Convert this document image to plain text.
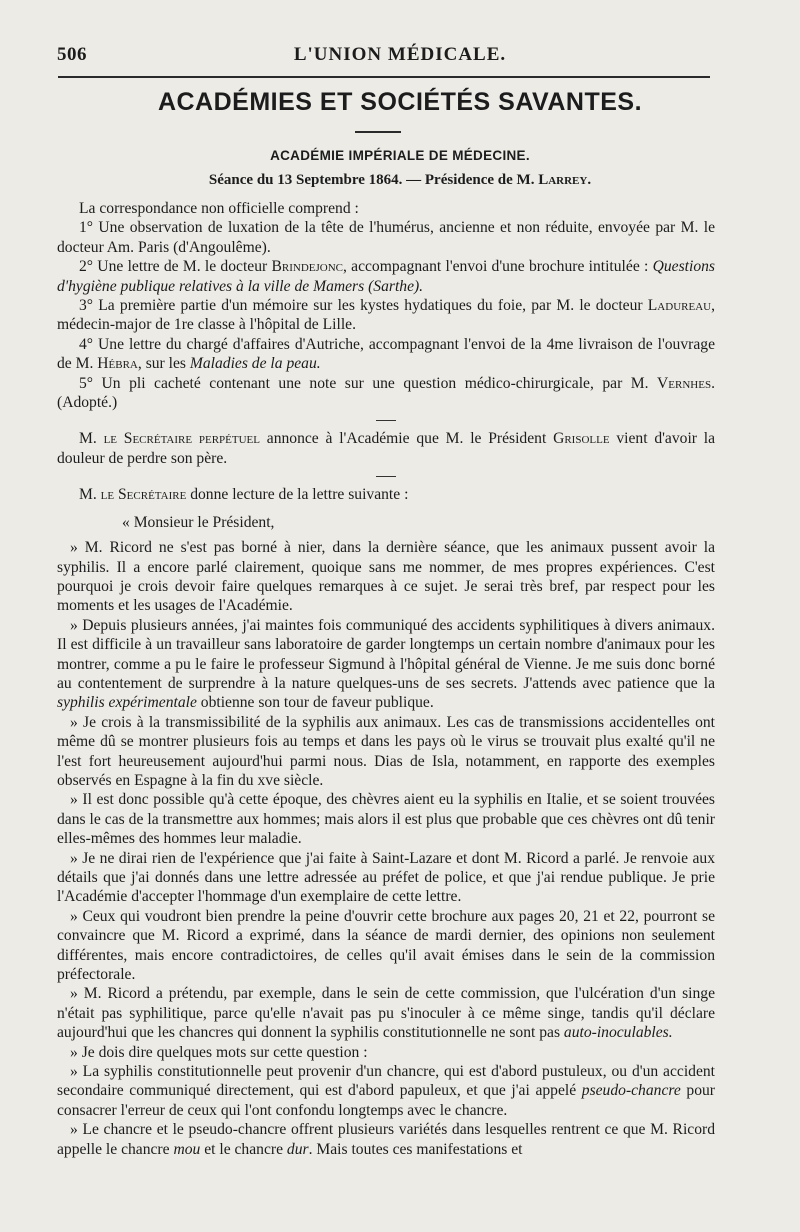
506	L'UNION MÉDICALE.
ACADÉMIES ET SOCIÉTÉS SAVANTES.
ACADÉMIE IMPÉRIALE DE MÉDECINE.
Séance du 13 Septembre 1864. — Présidence de M. Larrey.

La correspondance non officielle comprend :

1° Une observation de luxation de la tête de l'humérus, ancienne et non réduite, envoyée par M. le docteur Am. Paris (d'Angoulême).

2° Une lettre de M. le docteur Brindejonc, accompagnant l'envoi d'une brochure intitulée : Questions d'hygiène publique relatives à la ville de Mamers (Sarthe).

3° La première partie d'un mémoire sur les kystes hydatiques du foie, par M. le docteur Ladureau, médecin-major de 1re classe à l'hôpital de Lille.

4° Une lettre du chargé d'affaires d'Autriche, accompagnant l'envoi de la 4me livraison de l'ouvrage de M. Hébra, sur les Maladies de la peau.

5° Un pli cacheté contenant une note sur une question médico-chirurgicale, par M. Vernhes. (Adopté.)

M. le Secrétaire perpétuel annonce à l'Académie que M. le Président Grisolle vient d'avoir la douleur de perdre son père.

M. le Secrétaire donne lecture de la lettre suivante :

« Monsieur le Président,

» M. Ricord ne s'est pas borné à nier, dans la dernière séance, que les animaux pussent avoir la syphilis. Il a encore parlé clairement, quoique sans me nommer, de mes propres expériences. C'est pourquoi je crois devoir faire quelques remarques à ce sujet. Je serai très bref, par respect pour les moments et les usages de l'Académie.

» Depuis plusieurs années, j'ai maintes fois communiqué des accidents syphilitiques à divers animaux. Il est difficile à un travailleur sans laboratoire de garder longtemps un certain nombre d'animaux pour les montrer, comme a pu le faire le professeur Sigmund à l'hôpital général de Vienne. Je me suis donc borné au contentement de surprendre à la nature quelques-uns de ses secrets. J'attends avec patience que la syphilis expérimentale obtienne son tour de faveur publique.

» Je crois à la transmissibilité de la syphilis aux animaux. Les cas de transmissions accidentelles ont même dû se montrer plusieurs fois au temps et dans les pays où le virus se trouvait plus exalté qu'il ne l'est fort heureusement aujourd'hui parmi nous. Dias de Isla, notamment, en rapporte des exemples observés en Espagne à la fin du xve siècle.

» Il est donc possible qu'à cette époque, des chèvres aient eu la syphilis en Italie, et se soient trouvées dans le cas de la transmettre aux hommes; mais alors il est plus que probable que ces chèvres ont dû tenir elles-mêmes des hommes leur maladie.

» Je ne dirai rien de l'expérience que j'ai faite à Saint-Lazare et dont M. Ricord a parlé. Je renvoie aux détails que j'ai donnés dans une lettre adressée au préfet de police, et que j'ai rendue publique. Je prie l'Académie d'accepter l'hommage d'un exemplaire de cette lettre.

» Ceux qui voudront bien prendre la peine d'ouvrir cette brochure aux pages 20, 21 et 22, pourront se convaincre que M. Ricord a exprimé, dans la séance de mardi dernier, des opinions non seulement différentes, mais encore contradictoires, de celles qu'il avait émises dans le sein de la commission préfectorale.

» M. Ricord a prétendu, par exemple, dans le sein de cette commission, que l'ulcération d'un singe n'était pas syphilitique, parce qu'elle n'avait pas pu s'inoculer à ce même singe, tandis qu'il déclare aujourd'hui que les chancres qui donnent la syphilis constitutionnelle ne sont pas auto-inoculables.

» Je dois dire quelques mots sur cette question :

» La syphilis constitutionnelle peut provenir d'un chancre, qui est d'abord pustuleux, ou d'un accident secondaire communiqué directement, qui est d'abord papuleux, et que j'ai appelé pseudo-chancre pour consacrer l'erreur de ceux qui l'ont confondu longtemps avec le chancre.

» Le chancre et le pseudo-chancre offrent plusieurs variétés dans lesquelles rentrent ce que M. Ricord appelle le chancre mou et le chancre dur. Mais toutes ces manifestations et
